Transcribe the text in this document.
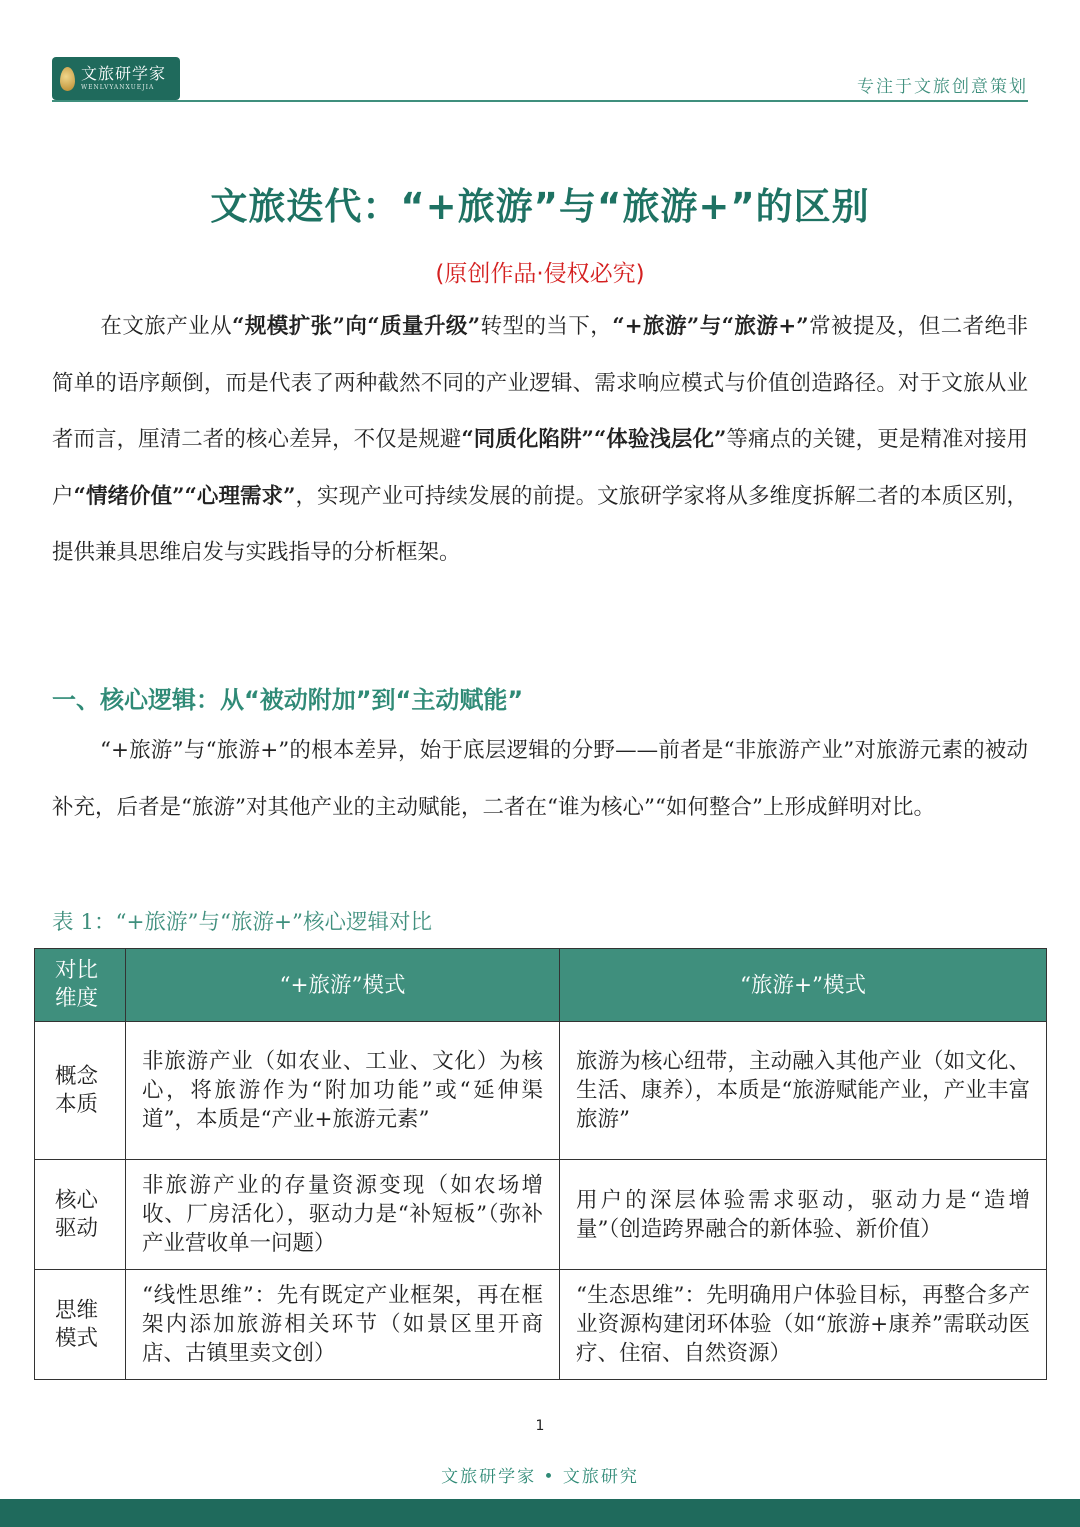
文旅研学家
WENLVYANXUEJIA	专注于文旅创意策划
文旅迭代：“+旅游”与“旅游+”的区别
(原创作品·侵权必究)

在文旅产业从“规模扩张”向“质量升级”转型的当下，“+旅游”与“旅游+”常被提及，但二者绝非简单的语序颠倒，而是代表了两种截然不同的产业逻辑、需求响应模式与价值创造路径。对于文旅从业者而言，厘清二者的核心差异，不仅是规避“同质化陷阱”“体验浅层化”等痛点的关键，更是精准对接用户“情绪价值”“心理需求”，实现产业可持续发展的前提。文旅研学家将从多维度拆解二者的本质区别，提供兼具思维启发与实践指导的分析框架。

一、核心逻辑：从“被动附加”到“主动赋能”

“+旅游”与“旅游+”的根本差异，始于底层逻辑的分野——前者是“非旅游产业”对旅游元素的被动补充，后者是“旅游”对其他产业的主动赋能，二者在“谁为核心”“如何整合”上形成鲜明对比。

表 1：“+旅游”与“旅游+”核心逻辑对比
对比维度	“+旅游”模式	“旅游+”模式
概念本质	非旅游产业（如农业、工业、文化）为核心，将旅游作为“附加功能”或“延伸渠道”，本质是“产业+旅游元素”	旅游为核心纽带，主动融入其他产业（如文化、生活、康养），本质是“旅游赋能产业，产业丰富旅游”
核心驱动	非旅游产业的存量资源变现（如农场增收、厂房活化），驱动力是“补短板”（弥补产业营收单一问题）	用户的深层体验需求驱动，驱动力是“造增量”（创造跨界融合的新体验、新价值）
思维模式	“线性思维”：先有既定产业框架，再在框架内添加旅游相关环节（如景区里开商店、古镇里卖文创）	“生态思维”：先明确用户体验目标，再整合多产业资源构建闭环体验（如“旅游+康养”需联动医疗、住宿、自然资源）
1
文旅研学家 • 文旅研究
